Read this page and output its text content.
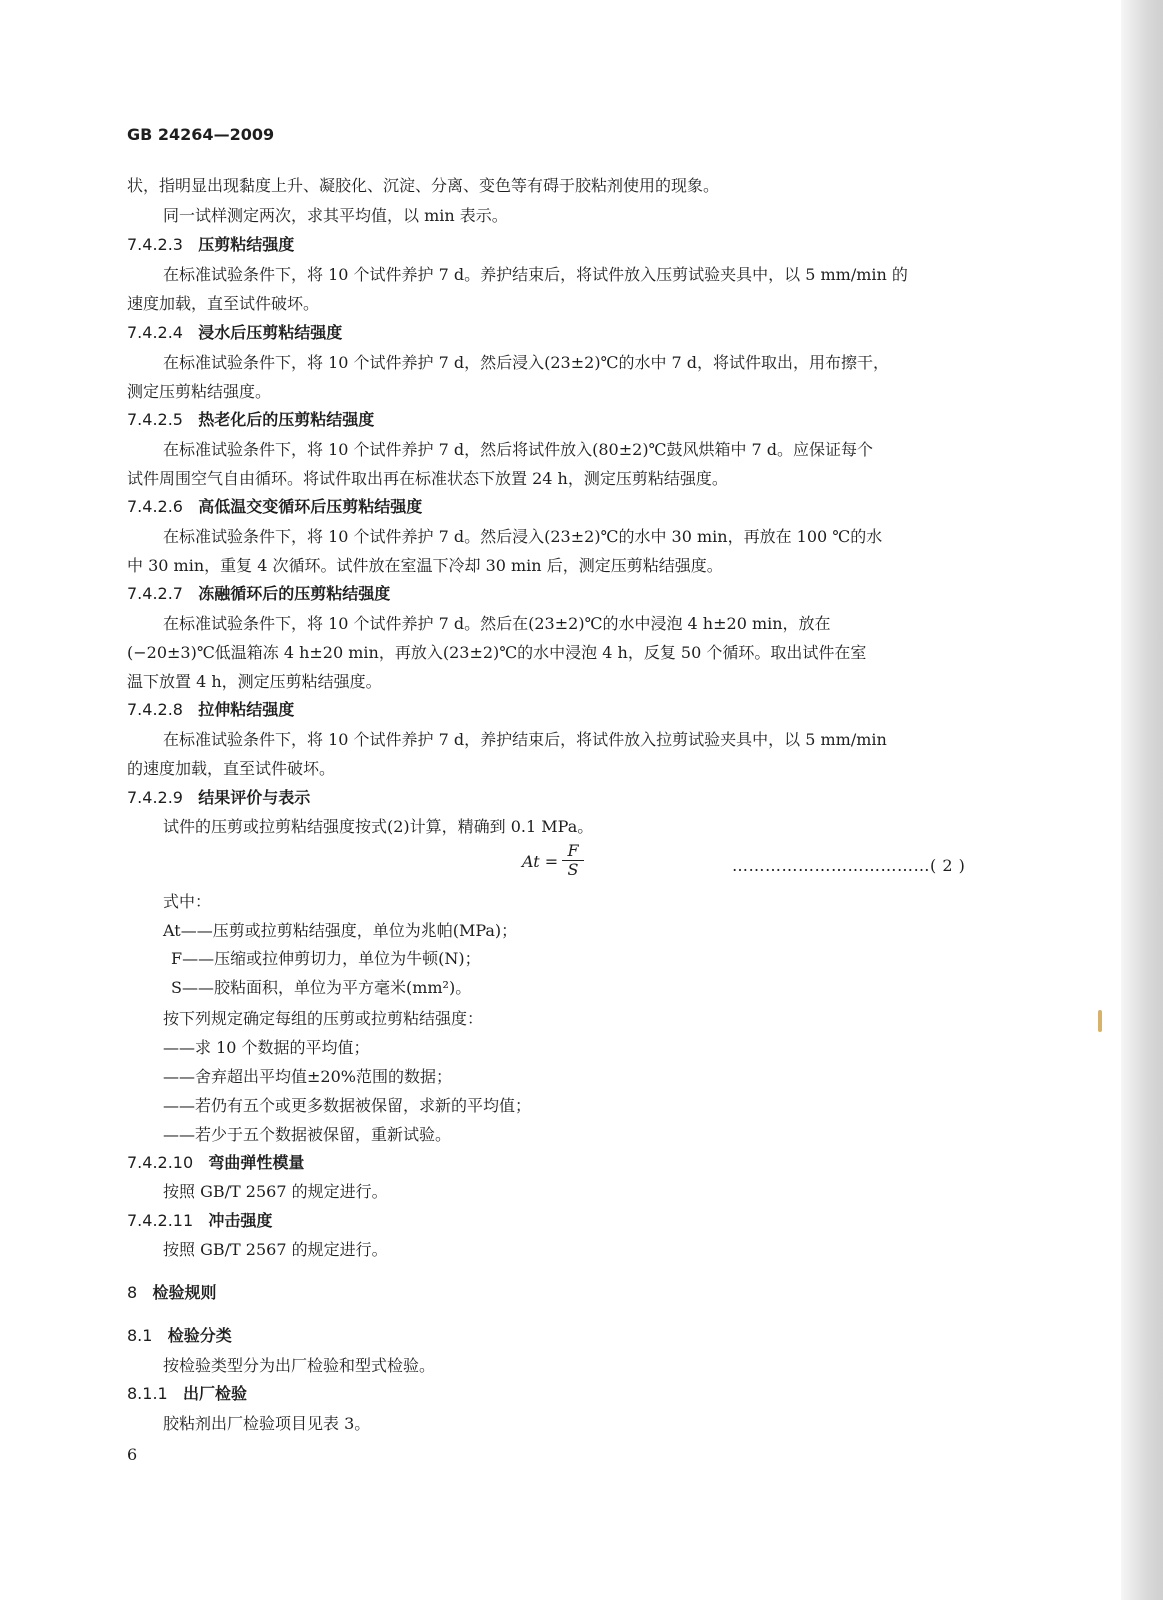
GB 24264—2009
状，指明显出现黏度上升、凝胶化、沉淀、分离、变色等有碍于胶粘剂使用的现象。
同一试样测定两次，求其平均值，以 min 表示。
7.4.2.3 压剪粘结强度
在标准试验条件下，将 10 个试件养护 7 d。养护结束后，将试件放入压剪试验夹具中，以 5 mm/min 的
速度加载，直至试件破坏。
7.4.2.4 浸水后压剪粘结强度
在标准试验条件下，将 10 个试件养护 7 d，然后浸入(23±2)℃的水中 7 d，将试件取出，用布擦干，
测定压剪粘结强度。
7.4.2.5 热老化后的压剪粘结强度
在标准试验条件下，将 10 个试件养护 7 d，然后将试件放入(80±2)℃鼓风烘箱中 7 d。应保证每个
试件周围空气自由循环。将试件取出再在标准状态下放置 24 h，测定压剪粘结强度。
7.4.2.6 高低温交变循环后压剪粘结强度
在标准试验条件下，将 10 个试件养护 7 d。然后浸入(23±2)℃的水中 30 min，再放在 100 ℃的水
中 30 min，重复 4 次循环。试件放在室温下冷却 30 min 后，测定压剪粘结强度。
7.4.2.7 冻融循环后的压剪粘结强度
在标准试验条件下，将 10 个试件养护 7 d。然后在(23±2)℃的水中浸泡 4 h±20 min，放在
(−20±3)℃低温箱冻 4 h±20 min，再放入(23±2)℃的水中浸泡 4 h，反复 50 个循环。取出试件在室
温下放置 4 h，测定压剪粘结强度。
7.4.2.8 拉伸粘结强度
在标准试验条件下，将 10 个试件养护 7 d，养护结束后，将试件放入拉剪试验夹具中，以 5 mm/min
的速度加载，直至试件破坏。
7.4.2.9 结果评价与表示
试件的压剪或拉剪粘结强度按式(2)计算，精确到 0.1 MPa。
At =
F
S	………………………………( 2 )
式中：
At——压剪或拉剪粘结强度，单位为兆帕(MPa)；
F——压缩或拉伸剪切力，单位为牛顿(N)；
S——胶粘面积，单位为平方毫米(mm²)。
按下列规定确定每组的压剪或拉剪粘结强度：
——求 10 个数据的平均值；
——舍弃超出平均值±20%范围的数据；
——若仍有五个或更多数据被保留，求新的平均值；
——若少于五个数据被保留，重新试验。
7.4.2.10 弯曲弹性模量
按照 GB/T 2567 的规定进行。
7.4.2.11 冲击强度
按照 GB/T 2567 的规定进行。
8 检验规则
8.1 检验分类
按检验类型分为出厂检验和型式检验。
8.1.1 出厂检验
胶粘剂出厂检验项目见表 3。
6
